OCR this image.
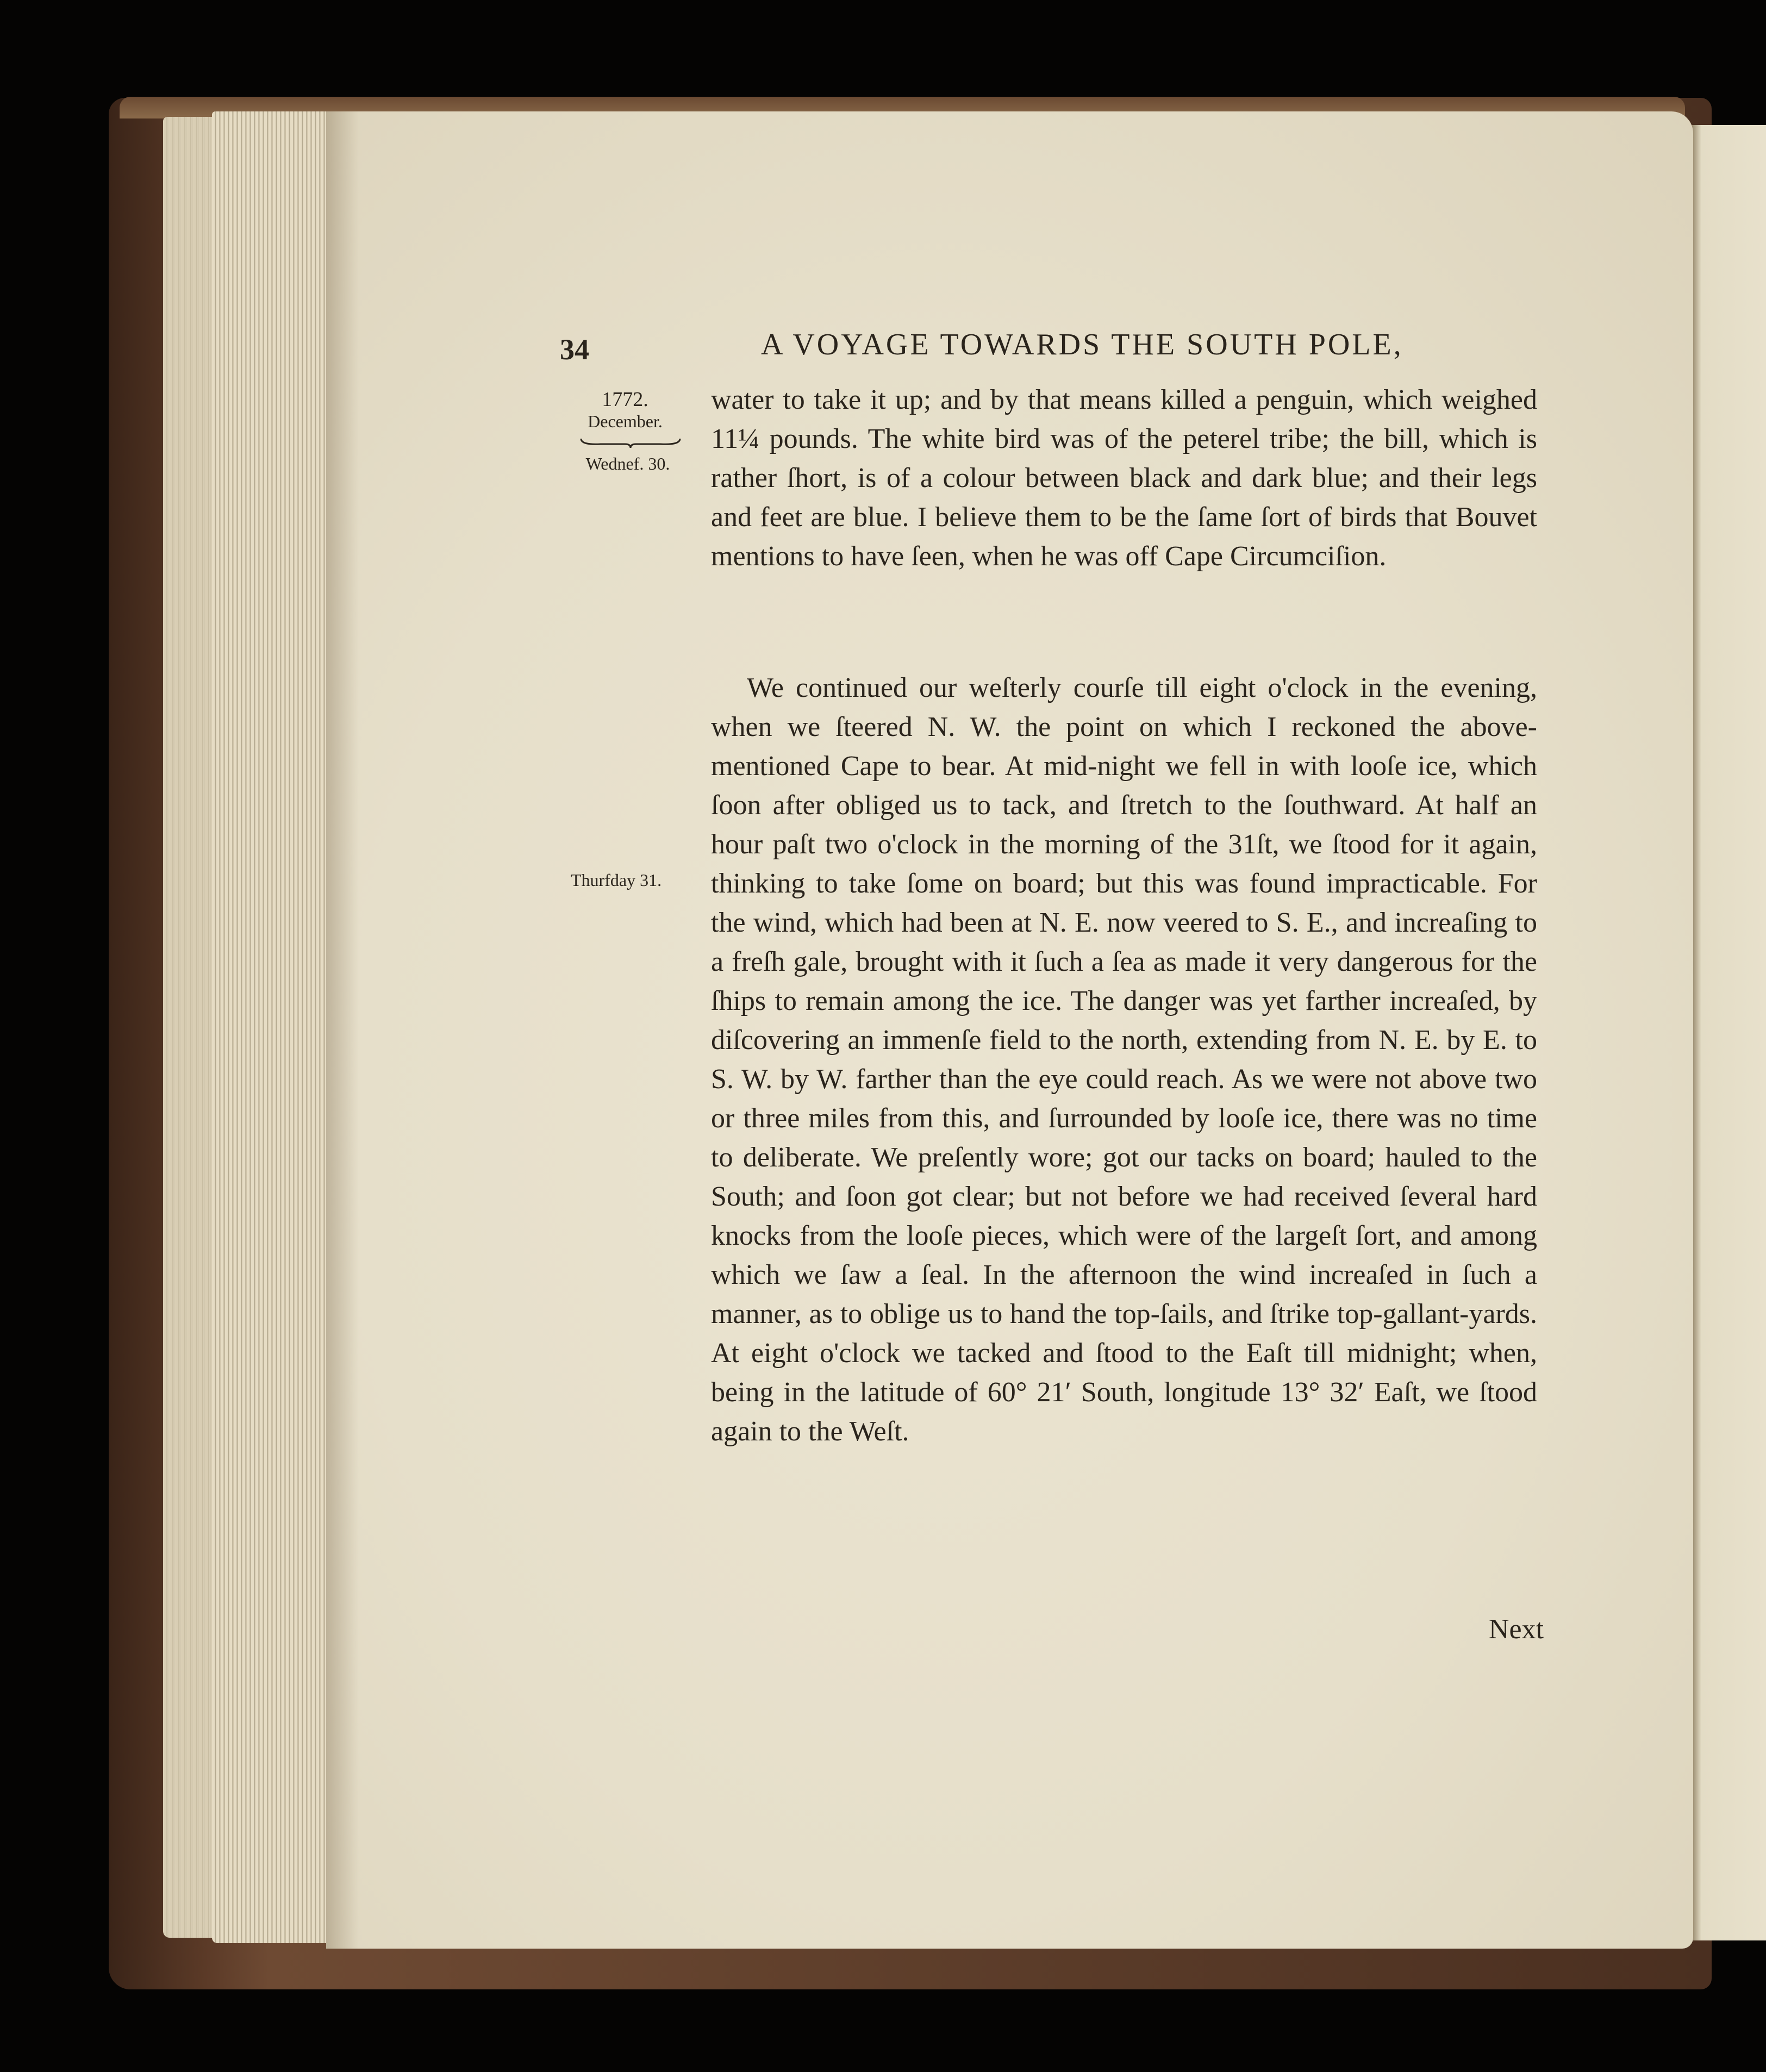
34	A VOYAGE TOWARDS THE SOUTH POLE,
1772.
December.
Wednef. 30.
Thurfday 31.
water to take it up; and by that means killed a penguin, which weighed 11¼ pounds. The white bird was of the peterel tribe; the bill, which is rather ſhort, is of a colour between black and dark blue; and their legs and feet are blue. I believe them to be the ſame ſort of birds that Bouvet mentions to have ſeen, when he was off Cape Circumciſion.
We continued our weſterly courſe till eight o'clock in the evening, when we ſteered N. W. the point on which I reckoned the above-mentioned Cape to bear. At mid-night we fell in with looſe ice, which ſoon after obliged us to tack, and ſtretch to the ſouthward. At half an hour paſt two o'clock in the morning of the 31ſt, we ſtood for it again, thinking to take ſome on board; but this was found impracticable. For the wind, which had been at N. E. now veered to S. E., and increaſing to a freſh gale, brought with it ſuch a ſea as made it very dangerous for the ſhips to remain among the ice. The danger was yet farther increaſed, by diſcovering an immenſe field to the north, extending from N. E. by E. to S. W. by W. farther than the eye could reach. As we were not above two or three miles from this, and ſurrounded by looſe ice, there was no time to deliberate. We preſently wore; got our tacks on board; hauled to the South; and ſoon got clear; but not before we had received ſeveral hard knocks from the looſe pieces, which were of the largeſt ſort, and among which we ſaw a ſeal. In the afternoon the wind increaſed in ſuch a manner, as to oblige us to hand the top-ſails, and ſtrike top-gallant-yards. At eight o'clock we tacked and ſtood to the Eaſt till midnight; when, being in the latitude of 60° 21′ South, longitude 13° 32′ Eaſt, we ſtood again to the Weſt.
Next
